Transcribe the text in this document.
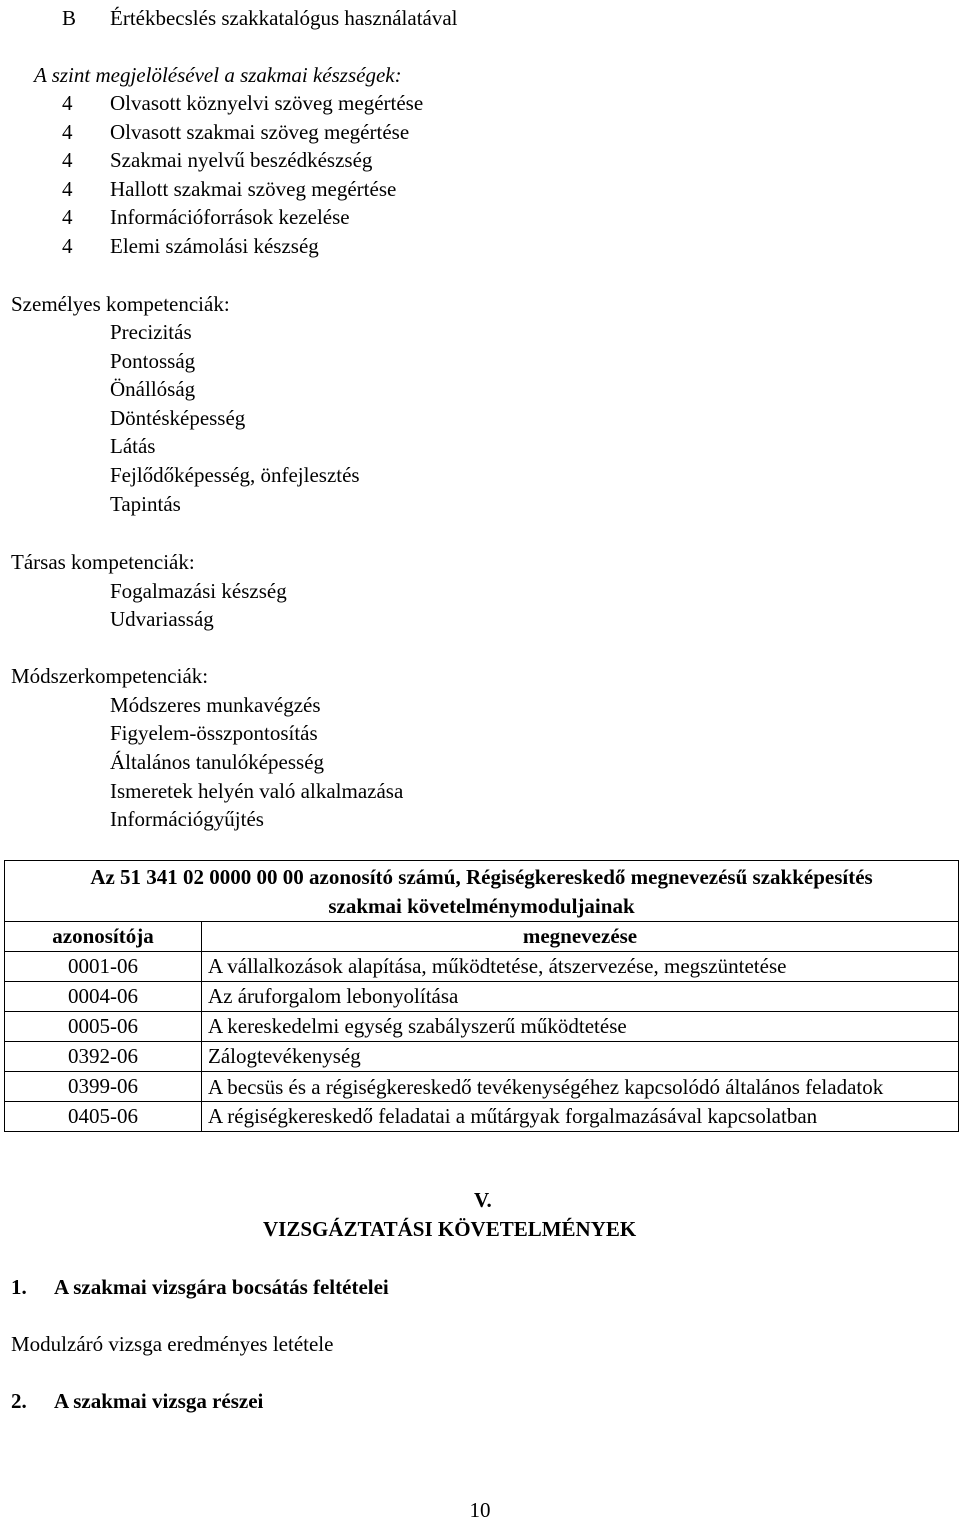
B Értékbecslés szakkatalógus használatával
A szint megjelölésével a szakmai készségek:
4 Olvasott köznyelvi szöveg megértése
4 Olvasott szakmai szöveg megértése
4 Szakmai nyelvű beszédkészség
4 Hallott szakmai szöveg megértése
4 Információforrások kezelése
4 Elemi számolási készség
Személyes kompetenciák:
Precizitás
Pontosság
Önállóság
Döntésképesség
Látás
Fejlődőképesség, önfejlesztés
Tapintás
Társas kompetenciák:
Fogalmazási készség
Udvariasság
Módszerkompetenciák:
Módszeres munkavégzés
Figyelem-összpontosítás
Általános tanulóképesség
Ismeretek helyén való alkalmazása
Információgyűjtés
Az 51 341 02 0000 00 00 azonosító számú, Régiségkereskedő megnevezésű szakképesítés
szakmai követelménymoduljainak	

azonosítója	megnevezése
0001-06	A vállalkozások alapítása, működtetése, átszervezése, megszüntetése
0004-06	Az áruforgalom lebonyolítása
0005-06	A kereskedelmi egység szabályszerű működtetése
0392-06	Zálogtevékenység
0399-06	A becsüs és a régiségkereskedő tevékenységéhez kapcsolódó általános feladatok
0405-06	A régiségkereskedő feladatai a műtárgyak forgalmazásával kapcsolatban
V.
VIZSGÁZTATÁSI KÖVETELMÉNYEK
1. A szakmai vizsgára bocsátás feltételei
Modulzáró vizsga eredményes letétele
2. A szakmai vizsga részei
10
